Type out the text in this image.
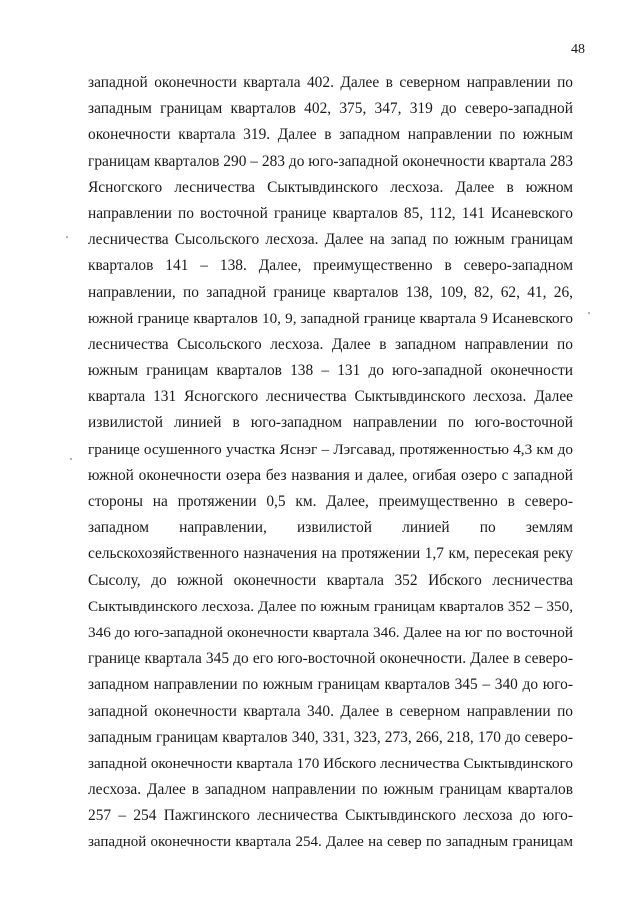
48
западной оконечности квартала 402. Далее в северном направлении по
западным границам кварталов 402, 375, 347, 319 до северо-западной
оконечности квартала 319. Далее в западном направлении по южным
границам кварталов 290 – 283 до юго-западной оконечности квартала 283
Ясногского лесничества Сыктывдинского лесхоза. Далее в южном
направлении по восточной границе кварталов 85, 112, 141 Исаневского
лесничества Сысольского лесхоза. Далее на запад по южным границам
кварталов 141 – 138. Далее, преимущественно в северо-западном
направлении, по западной границе кварталов 138, 109, 82, 62, 41, 26,
южной границе кварталов 10, 9, западной границе квартала 9 Исаневского
лесничества Сысольского лесхоза. Далее в западном направлении по
южным границам кварталов 138 – 131 до юго-западной оконечности
квартала 131 Ясногского лесничества Сыктывдинского лесхоза. Далее
извилистой линией в юго-западном направлении по юго-восточной
границе осушенного участка Яснэг – Лэгсавад, протяженностью 4,3 км до
южной оконечности озера без названия и далее, огибая озеро с западной
стороны на протяжении 0,5 км. Далее, преимущественно в северо-
западном направлении, извилистой линией по землям
сельскохозяйственного назначения на протяжении 1,7 км, пересекая реку
Сысолу, до южной оконечности квартала 352 Ибского лесничества
Сыктывдинского лесхоза. Далее по южным границам кварталов 352 – 350,
346 до юго-западной оконечности квартала 346. Далее на юг по восточной
границе квартала 345 до его юго-восточной оконечности. Далее в северо-
западном направлении по южным границам кварталов 345 – 340 до юго-
западной оконечности квартала 340. Далее в северном направлении по
западным границам кварталов 340, 331, 323, 273, 266, 218, 170 до северо-
западной оконечности квартала 170 Ибского лесничества Сыктывдинского
лесхоза. Далее в западном направлении по южным границам кварталов
257 – 254 Пажгинского лесничества Сыктывдинского лесхоза до юго-
западной оконечности квартала 254. Далее на север по западным границам
